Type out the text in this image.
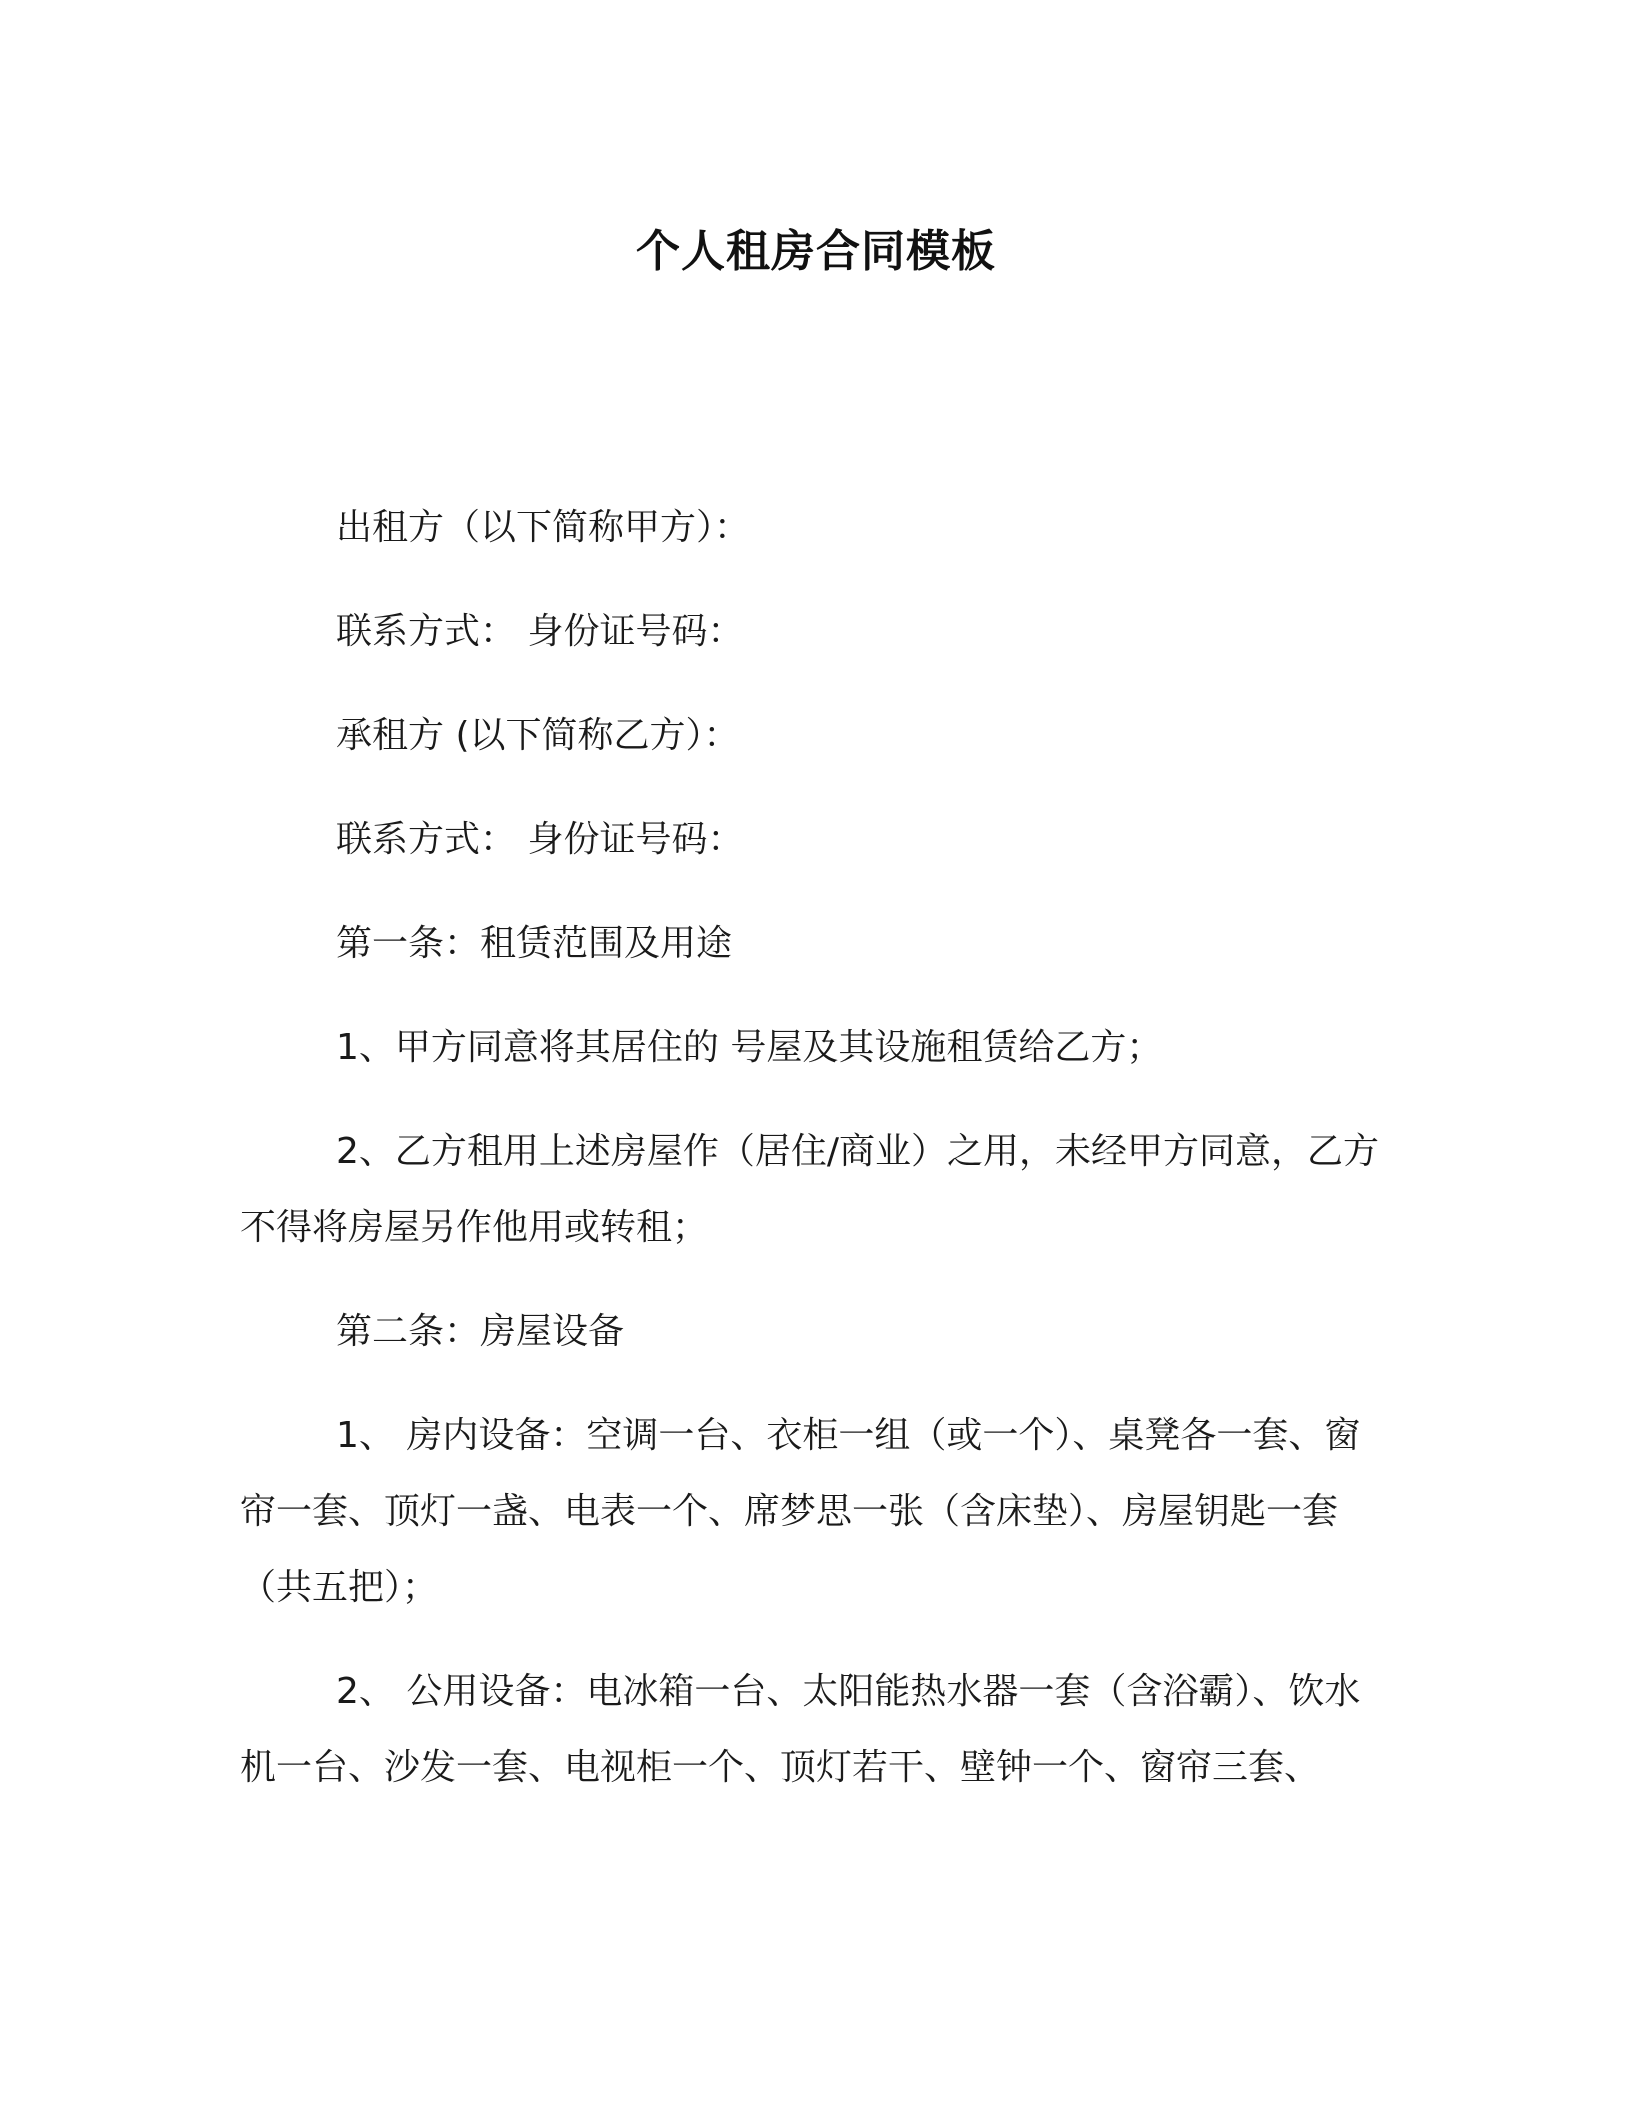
个人租房合同模板

出租方（以下简称甲方）：

联系方式： 身份证号码：

承租方 (以下简称乙方）：

联系方式： 身份证号码：

第一条：租赁范围及用途

1、甲方同意将其居住的 号屋及其设施租赁给乙方；

2、乙方租用上述房屋作（居住/商业）之用，未经甲方同意，乙方不得将房屋另作他用或转租；

第二条：房屋设备

1、 房内设备：空调一台、衣柜一组（或一个）、桌凳各一套、窗帘一套、顶灯一盏、电表一个、席梦思一张（含床垫）、房屋钥匙一套（共五把）；

2、 公用设备：电冰箱一台、太阳能热水器一套（含浴霸）、饮水机一台、沙发一套、电视柜一个、顶灯若干、壁钟一个、窗帘三套、
